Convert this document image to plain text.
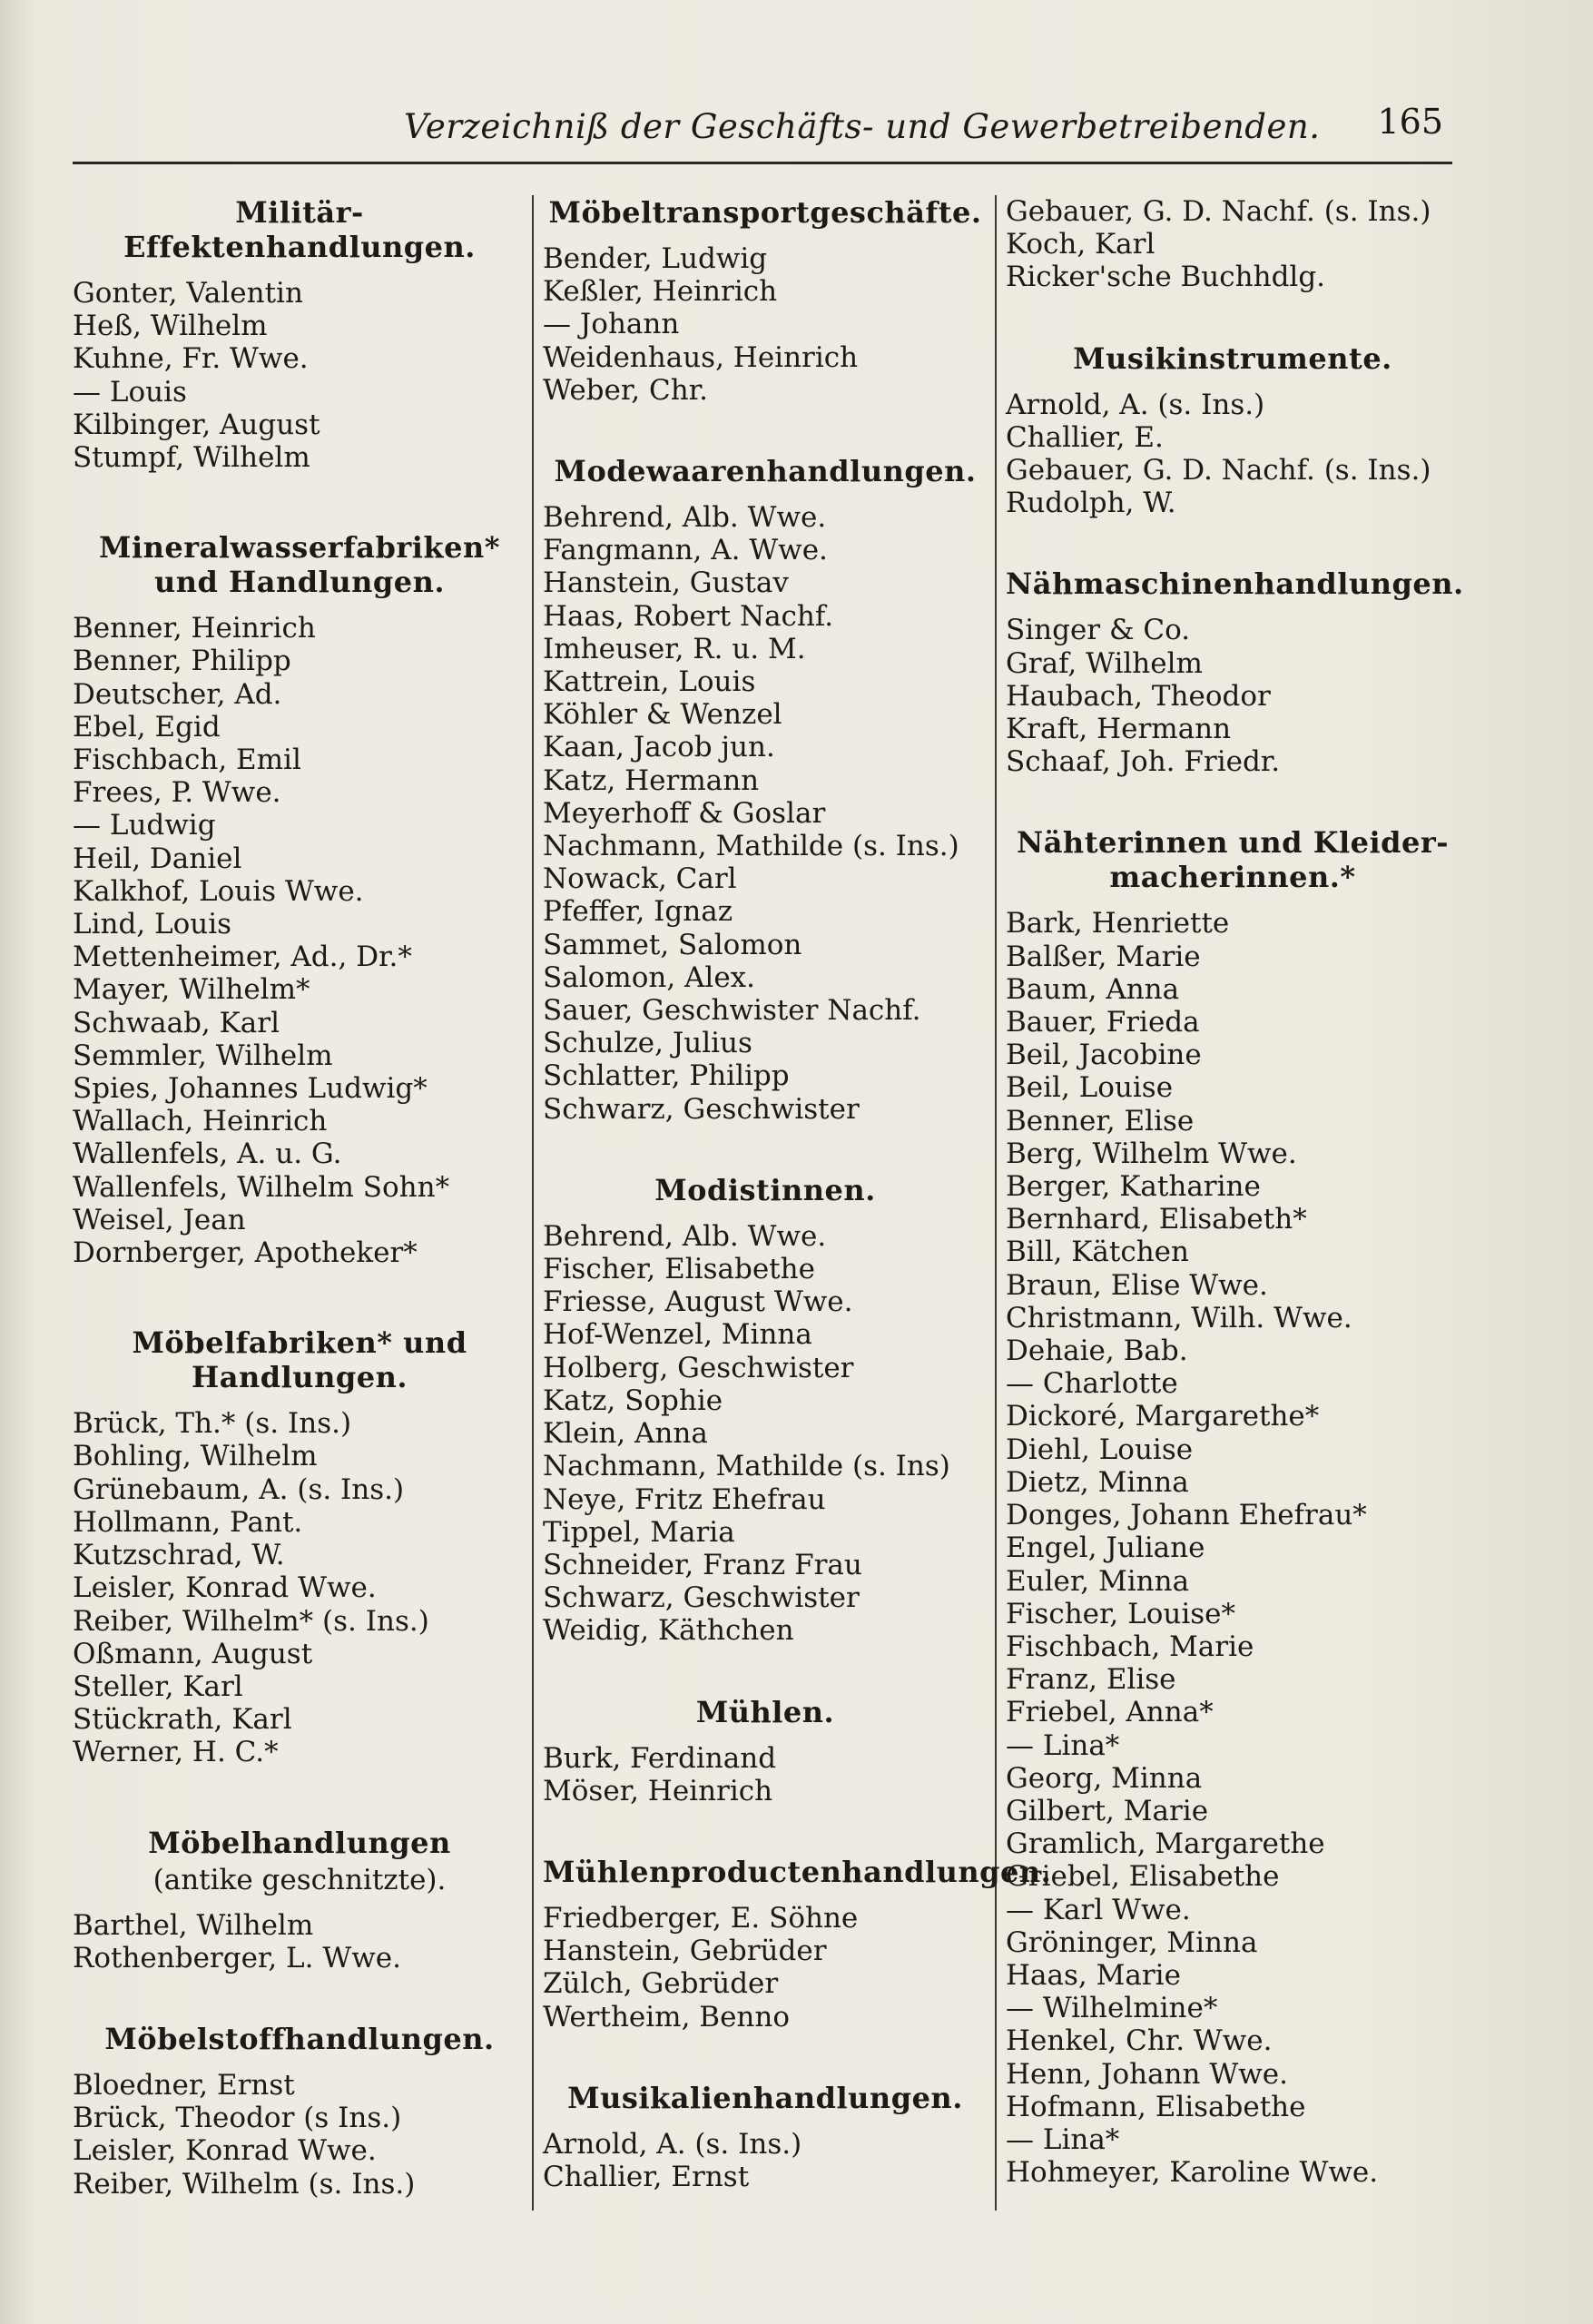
Verzeichniß der Geschäfts- und Gewerbetreibenden. 165
Militär-Effektenhandlungen.
Gonter, Valentin
Heß, Wilhelm
Kuhne, Fr. Wwe.
— Louis
Kilbinger, August
Stumpf, Wilhelm
Mineralwasserfabriken*
und Handlungen.
Benner, Heinrich
Benner, Philipp
Deutscher, Ad.
Ebel, Egid
Fischbach, Emil
Frees, P. Wwe.
— Ludwig
Heil, Daniel
Kalkhof, Louis Wwe.
Lind, Louis
Mettenheimer, Ad., Dr.*
Mayer, Wilhelm*
Schwaab, Karl
Semmler, Wilhelm
Spies, Johannes Ludwig*
Wallach, Heinrich
Wallenfels, A. u. G.
Wallenfels, Wilhelm Sohn*
Weisel, Jean
Dornberger, Apotheker*
Möbelfabriken* und
Handlungen.
Brück, Th.* (s. Ins.)
Bohling, Wilhelm
Grünebaum, A. (s. Ins.)
Hollmann, Pant.
Kutzschrad, W.
Leisler, Konrad Wwe.
Reiber, Wilhelm* (s. Ins.)
Oßmann, August
Steller, Karl
Stückrath, Karl
Werner, H. C.*
Möbelhandlungen
(antike geschnitzte).
Barthel, Wilhelm
Rothenberger, L. Wwe.
Möbelstoffhandlungen.
Bloedner, Ernst
Brück, Theodor (s Ins.)
Leisler, Konrad Wwe.
Reiber, Wilhelm (s. Ins.)
Möbeltransportgeschäfte.
Bender, Ludwig
Keßler, Heinrich
— Johann
Weidenhaus, Heinrich
Weber, Chr.
Modewaarenhandlungen.
Behrend, Alb. Wwe.
Fangmann, A. Wwe.
Hanstein, Gustav
Haas, Robert Nachf.
Imheuser, R. u. M.
Kattrein, Louis
Köhler & Wenzel
Kaan, Jacob jun.
Katz, Hermann
Meyerhoff & Goslar
Nachmann, Mathilde (s. Ins.)
Nowack, Carl
Pfeffer, Ignaz
Sammet, Salomon
Salomon, Alex.
Sauer, Geschwister Nachf.
Schulze, Julius
Schlatter, Philipp
Schwarz, Geschwister
Modistinnen.
Behrend, Alb. Wwe.
Fischer, Elisabethe
Friesse, August Wwe.
Hof-Wenzel, Minna
Holberg, Geschwister
Katz, Sophie
Klein, Anna
Nachmann, Mathilde (s. Ins)
Neye, Fritz Ehefrau
Tippel, Maria
Schneider, Franz Frau
Schwarz, Geschwister
Weidig, Käthchen
Mühlen.
Burk, Ferdinand
Möser, Heinrich
Mühlenproductenhandlungen.
Friedberger, E. Söhne
Hanstein, Gebrüder
Zülch, Gebrüder
Wertheim, Benno
Musikalienhandlungen.
Arnold, A. (s. Ins.)
Challier, Ernst
Gebauer, G. D. Nachf. (s. Ins.)
Koch, Karl
Ricker'sche Buchhdlg.
Musikinstrumente.
Arnold, A. (s. Ins.)
Challier, E.
Gebauer, G. D. Nachf. (s. Ins.)
Rudolph, W.
Nähmaschinenhandlungen.
Singer & Co.
Graf, Wilhelm
Haubach, Theodor
Kraft, Hermann
Schaaf, Joh. Friedr.
Nähterinnen und Kleider-
macherinnen.*
Bark, Henriette
Balßer, Marie
Baum, Anna
Bauer, Frieda
Beil, Jacobine
Beil, Louise
Benner, Elise
Berg, Wilhelm Wwe.
Berger, Katharine
Bernhard, Elisabeth*
Bill, Kätchen
Braun, Elise Wwe.
Christmann, Wilh. Wwe.
Dehaie, Bab.
— Charlotte
Dickoré, Margarethe*
Diehl, Louise
Dietz, Minna
Donges, Johann Ehefrau*
Engel, Juliane
Euler, Minna
Fischer, Louise*
Fischbach, Marie
Franz, Elise
Friebel, Anna*
— Lina*
Georg, Minna
Gilbert, Marie
Gramlich, Margarethe
Griebel, Elisabethe
— Karl Wwe.
Gröninger, Minna
Haas, Marie
— Wilhelmine*
Henkel, Chr. Wwe.
Henn, Johann Wwe.
Hofmann, Elisabethe
— Lina*
Hohmeyer, Karoline Wwe.
